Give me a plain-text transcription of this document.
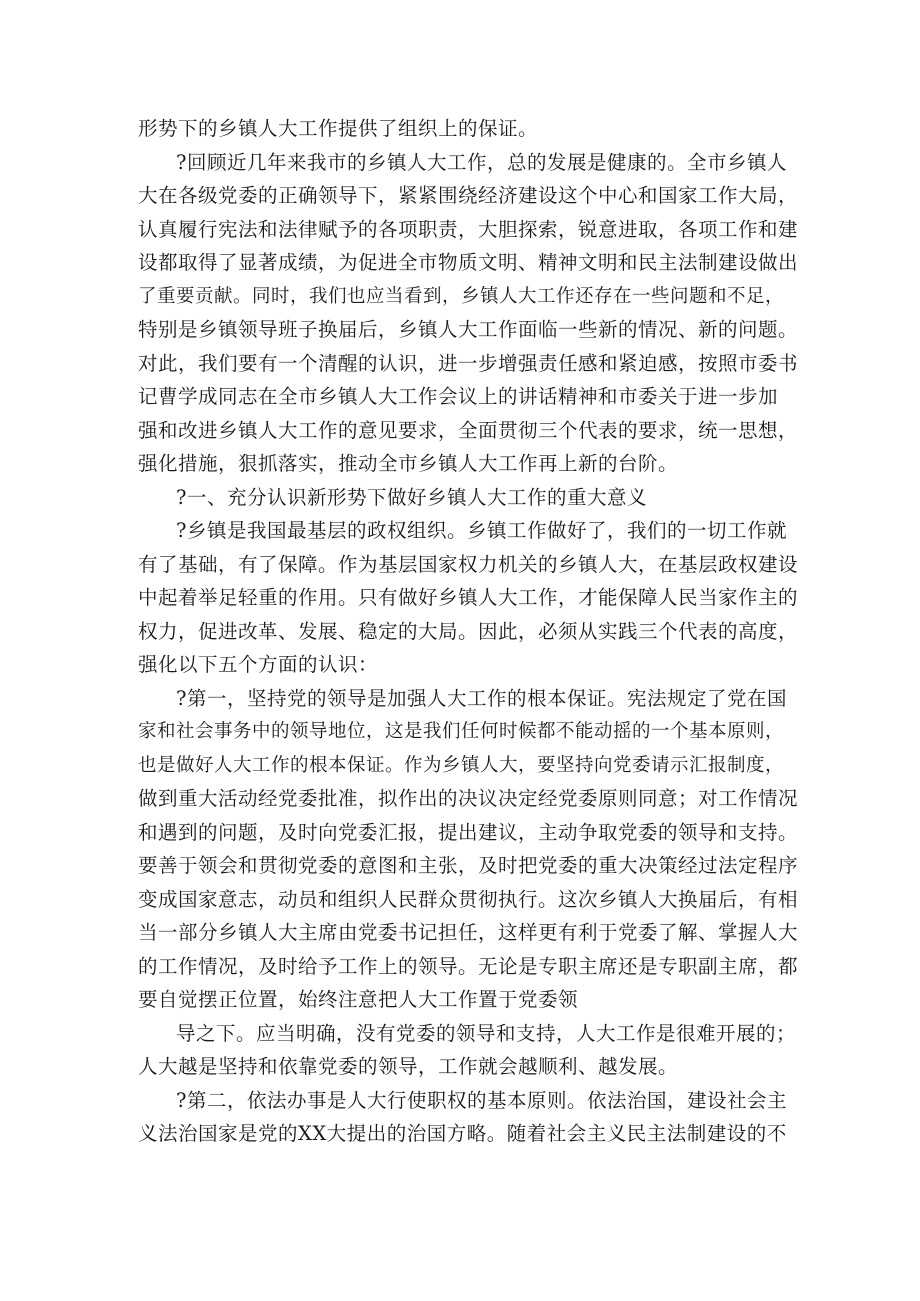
形势下的乡镇人大工作提供了组织上的保证。

?回顾近几年来我市的乡镇人大工作，总的发展是健康的。全市乡镇人

大在各级党委的正确领导下，紧紧围绕经济建设这个中心和国家工作大局，

认真履行宪法和法律赋予的各项职责，大胆探索，锐意进取，各项工作和建

设都取得了显著成绩，为促进全市物质文明、精神文明和民主法制建设做出

了重要贡献。同时，我们也应当看到，乡镇人大工作还存在一些问题和不足，

特别是乡镇领导班子换届后，乡镇人大工作面临一些新的情况、新的问题。

对此，我们要有一个清醒的认识，进一步增强责任感和紧迫感，按照市委书

记曹学成同志在全市乡镇人大工作会议上的讲话精神和市委关于进一步加

强和改进乡镇人大工作的意见要求，全面贯彻三个代表的要求，统一思想，

强化措施，狠抓落实，推动全市乡镇人大工作再上新的台阶。

?一、充分认识新形势下做好乡镇人大工作的重大意义

?乡镇是我国最基层的政权组织。乡镇工作做好了，我们的一切工作就

有了基础，有了保障。作为基层国家权力机关的乡镇人大，在基层政权建设

中起着举足轻重的作用。只有做好乡镇人大工作，才能保障人民当家作主的

权力，促进改革、发展、稳定的大局。因此，必须从实践三个代表的高度，

强化以下五个方面的认识：

?第一，坚持党的领导是加强人大工作的根本保证。宪法规定了党在国

家和社会事务中的领导地位，这是我们任何时候都不能动摇的一个基本原则，

也是做好人大工作的根本保证。作为乡镇人大，要坚持向党委请示汇报制度，

做到重大活动经党委批准，拟作出的决议决定经党委原则同意；对工作情况

和遇到的问题，及时向党委汇报，提出建议，主动争取党委的领导和支持。

要善于领会和贯彻党委的意图和主张，及时把党委的重大决策经过法定程序

变成国家意志，动员和组织人民群众贯彻执行。这次乡镇人大换届后，有相

当一部分乡镇人大主席由党委书记担任，这样更有利于党委了解、掌握人大

的工作情况，及时给予工作上的领导。无论是专职主席还是专职副主席，都

要自觉摆正位置，始终注意把人大工作置于党委领

导之下。应当明确，没有党委的领导和支持，人大工作是很难开展的；

人大越是坚持和依靠党委的领导，工作就会越顺利、越发展。

?第二，依法办事是人大行使职权的基本原则。依法治国，建设社会主

义法治国家是党的XX大提出的治国方略。随着社会主义民主法制建设的不
